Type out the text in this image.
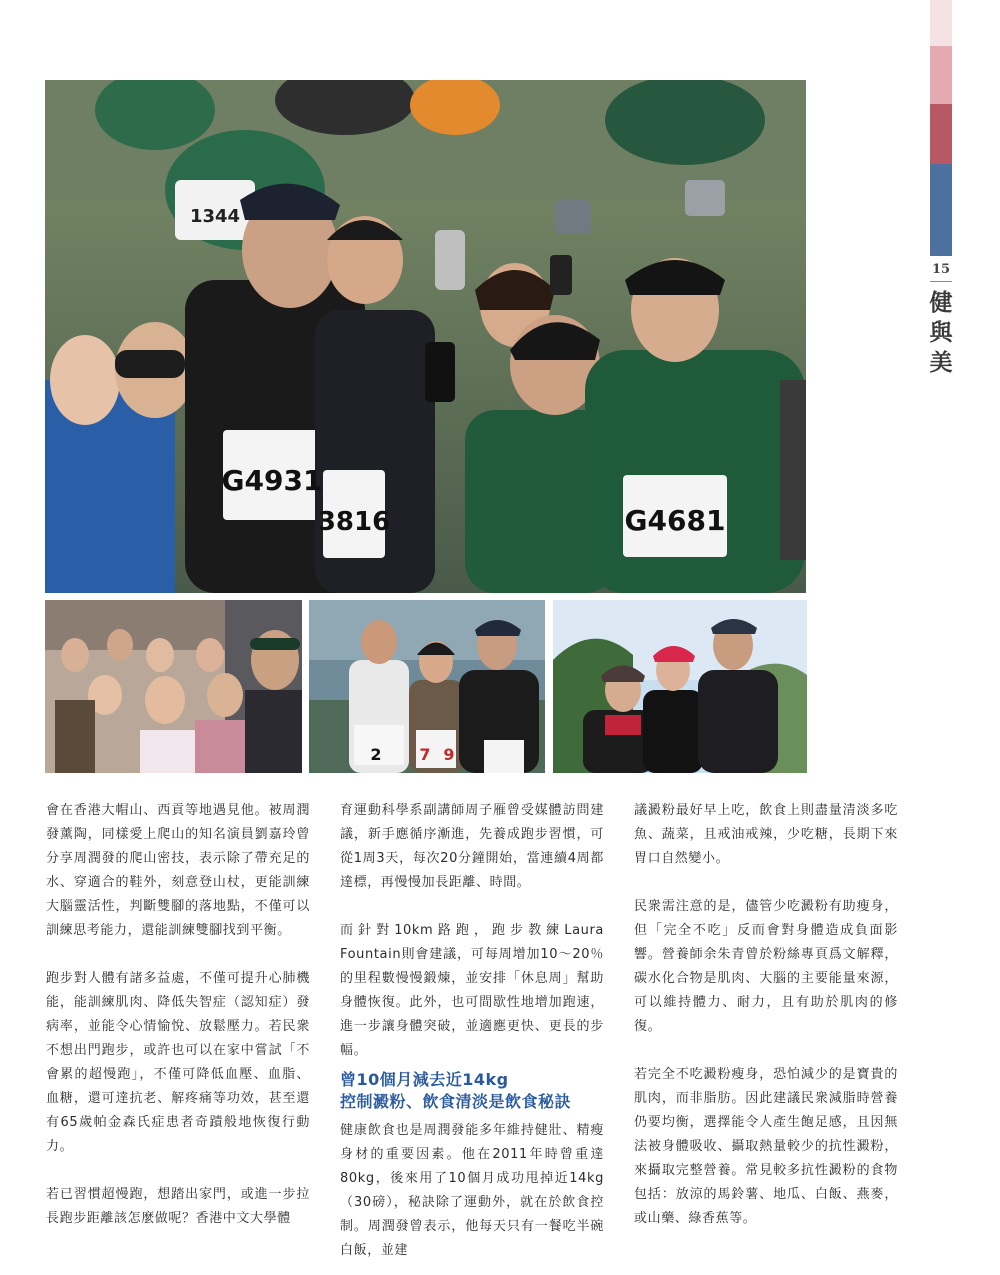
15
健
與
美
G4931
3816	G4681
1344
2 7 9

會在香港大帽山、西貢等地遇見他。被周潤發薰陶，同樣愛上爬山的知名演員劉嘉玲曾分享周潤發的爬山密技，表示除了帶充足的水、穿適合的鞋外，刻意登山杖，更能訓練大腦靈活性，判斷雙腳的落地點，不僅可以訓練思考能力，還能訓練雙腳找到平衡。

跑步對人體有諸多益處，不僅可提升心肺機能，能訓練肌肉、降低失智症（認知症）發病率，並能令心情愉悅、放鬆壓力。若民衆不想出門跑步，或許也可以在家中嘗試「不會累的超慢跑」，不僅可降低血壓、血脂、血糖，還可達抗老、解疼痛等功效，甚至還有65歲帕金森氏症患者奇蹟般地恢復行動力。

若已習慣超慢跑，想踏出家門，或進一步拉長跑步距離該怎麼做呢？香港中文大學體

育運動科學系副講師周子雁曾受媒體訪問建議，新手應循序漸進，先養成跑步習慣，可從1周3天，每次20分鐘開始，當連續4周都達標，再慢慢加長距離、時間。

而針對10km路跑，跑步教練Laura Fountain則會建議，可每周增加10～20％的里程數慢慢鍛煉，並安排「休息周」幫助身體恢復。此外，也可間歇性地增加跑速，進一步讓身體突破，並適應更快、更長的步幅。

曾10個月減去近14kg
控制澱粉、飲食清淡是飲食秘訣

健康飲食也是周潤發能多年維持健壯、精瘦身材的重要因素。他在2011年時曾重達80kg，後來用了10個月成功甩掉近14kg（30磅），秘訣除了運動外，就在於飲食控制。周潤發曾表示，他每天只有一餐吃半碗白飯，並建

議澱粉最好早上吃，飲食上則盡量清淡多吃魚、蔬菜，且戒油戒辣，少吃糖，長期下來胃口自然變小。

民衆需注意的是，儘管少吃澱粉有助瘦身，但「完全不吃」反而會對身體造成負面影響。營養師余朱青曾於粉絲專頁爲文解釋，碳水化合物是肌肉、大腦的主要能量來源，可以維持體力、耐力，且有助於肌肉的修復。

若完全不吃澱粉瘦身，恐怕減少的是寶貴的肌肉，而非脂肪。因此建議民衆減脂時營養仍要均衡，選擇能令人產生飽足感，且因無法被身體吸收、攝取熱量較少的抗性澱粉，來攝取完整營養。常見較多抗性澱粉的食物包括：放涼的馬鈴薯、地瓜、白飯、燕麥，或山藥、綠香蕉等。
